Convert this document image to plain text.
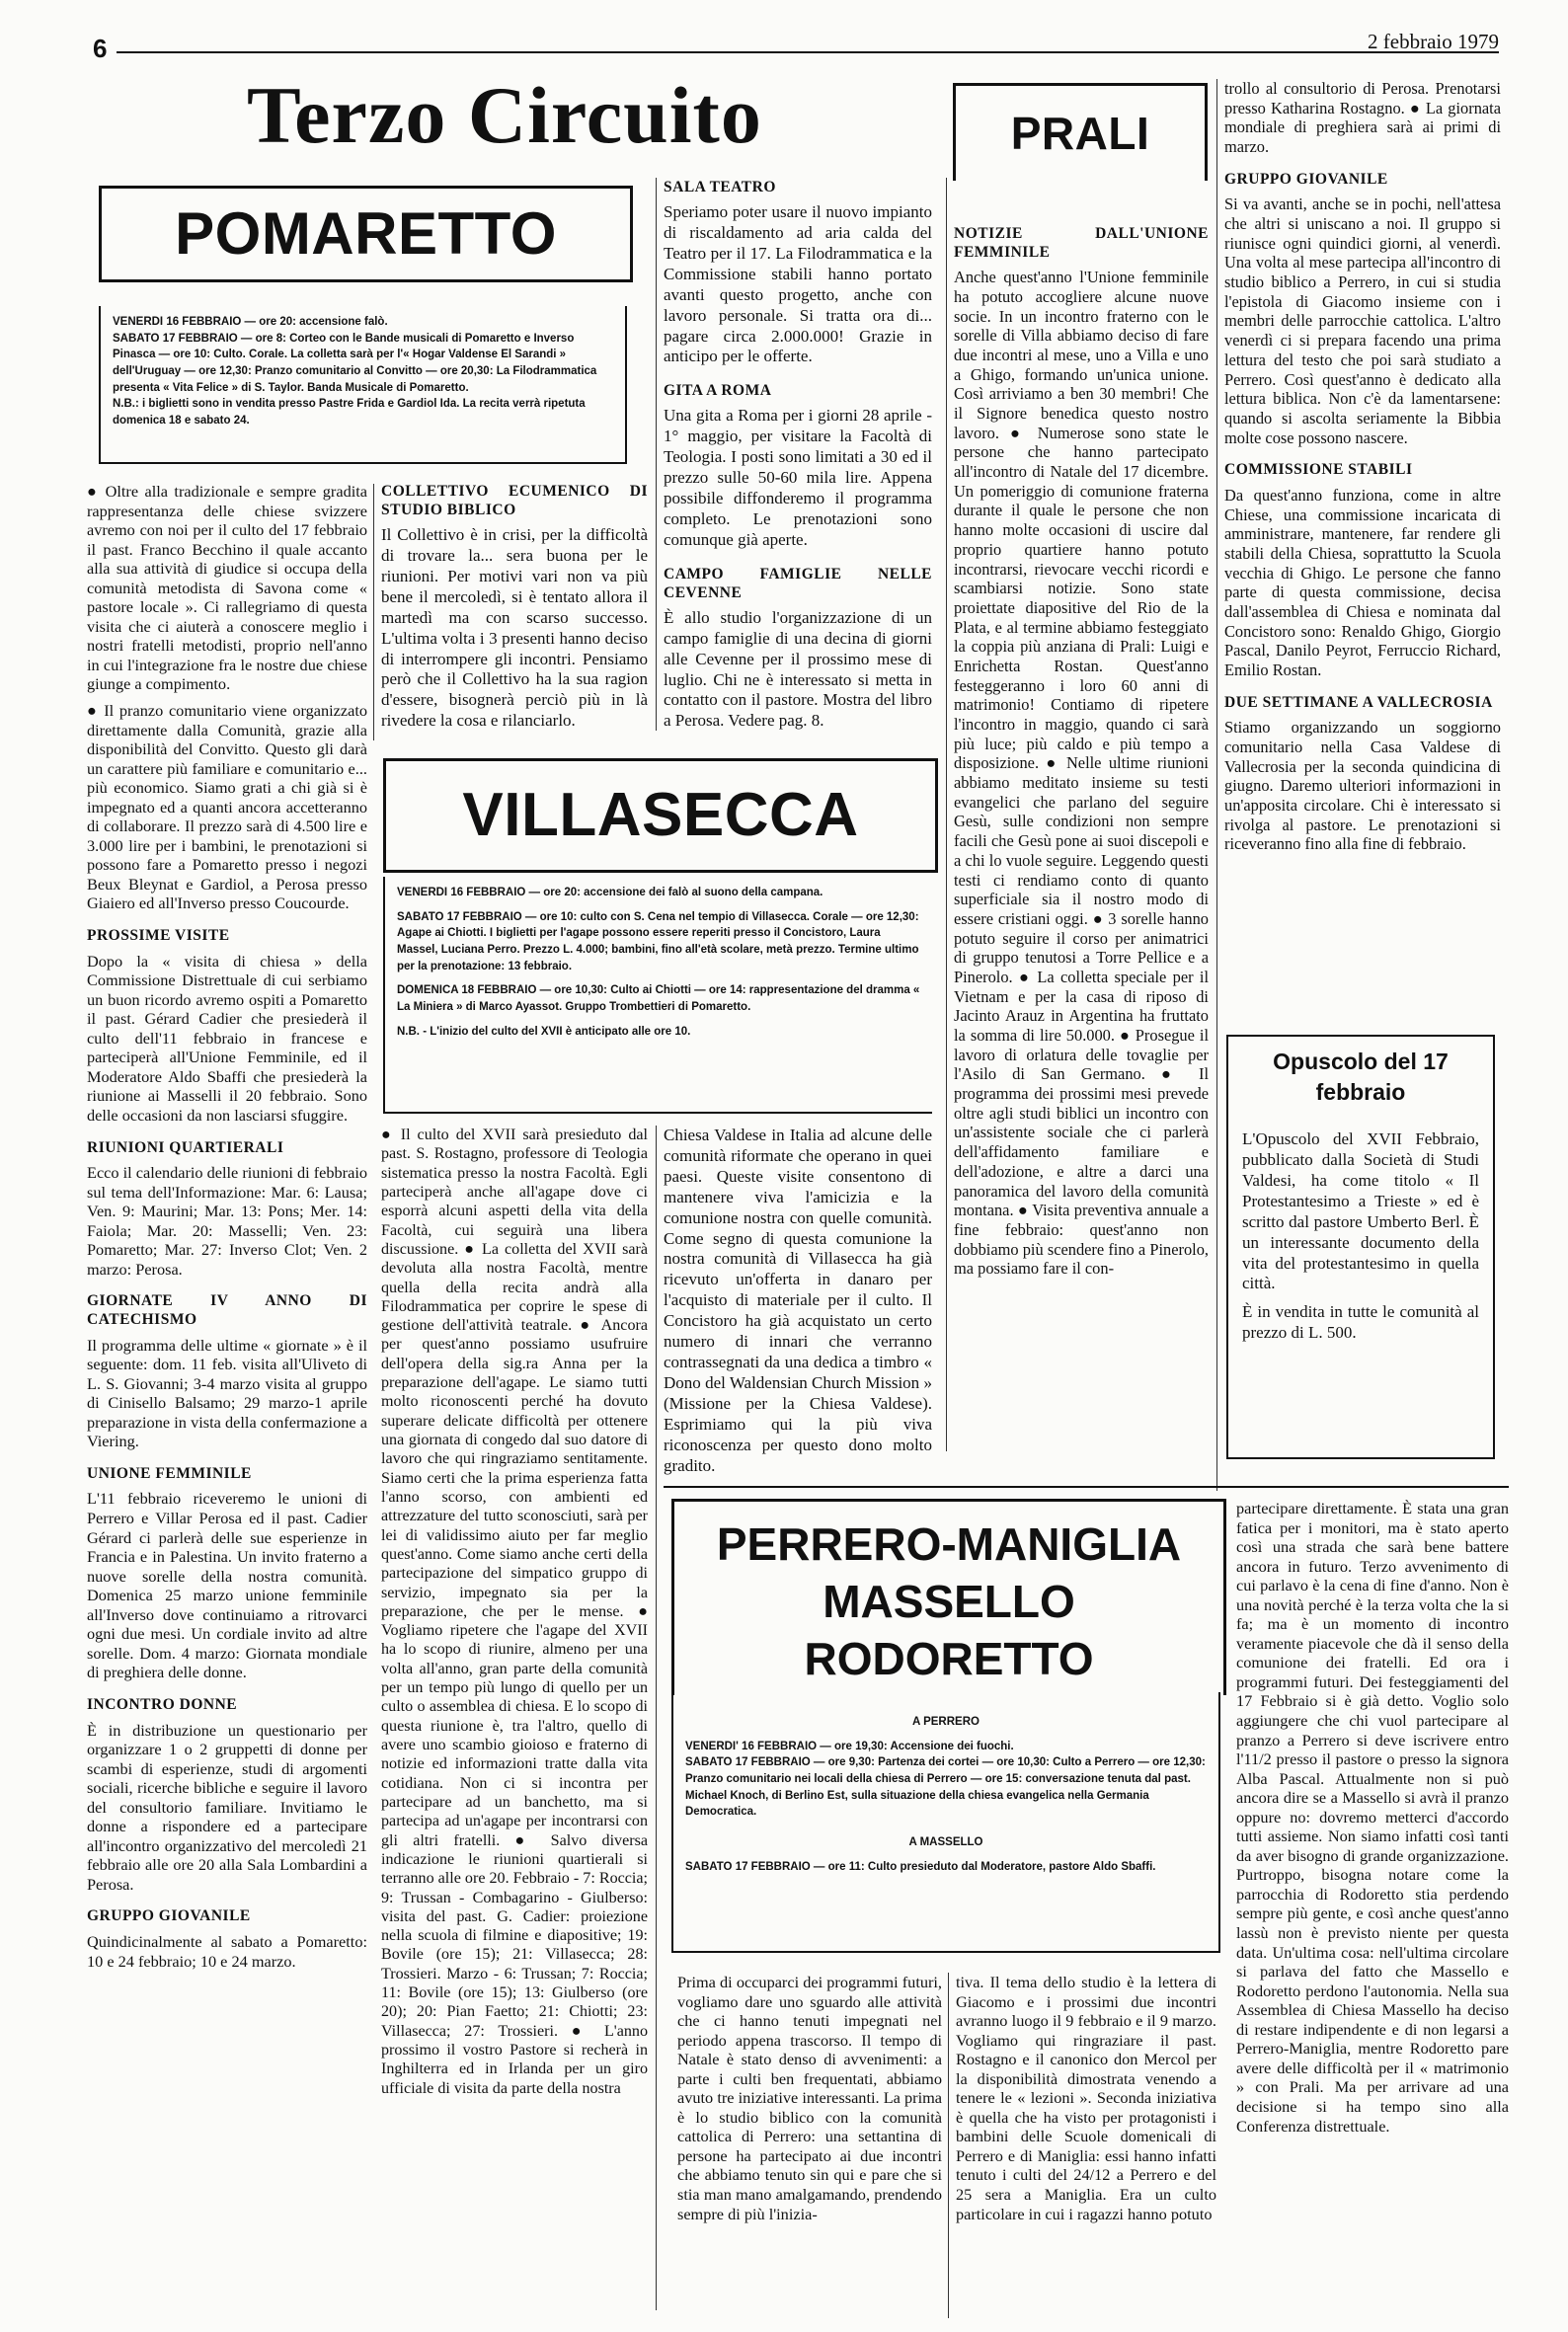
6	2 febbraio 1979
Terzo Circuito
POMARETTO
VENERDI 16 FEBBRAIO — ore 20: accensione falò.
SABATO 17 FEBBRAIO — ore 8: Corteo con le Bande musicali di Pomaretto e Inverso Pinasca — ore 10: Culto. Corale. La colletta sarà per l'« Hogar Valdense El Sarandi » dell'Uruguay — ore 12,30: Pranzo comunitario al Convitto — ore 20,30: La Filodrammatica presenta « Vita Felice » di S. Taylor. Banda Musicale di Pomaretto.
N.B.: i biglietti sono in vendita presso Pastre Frida e Gardiol Ida. La recita verrà ripetuta domenica 18 e sabato 24.

● Oltre alla tradizionale e sempre gradita rappresentanza delle chiese svizzere avremo con noi per il culto del 17 febbraio il past. Franco Becchino il quale accanto alla sua attività di giudice si occupa della comunità metodista di Savona come « pastore locale ». Ci rallegriamo di questa visita che ci aiuterà a conoscere meglio i nostri fratelli metodisti, proprio nell'anno in cui l'integrazione fra le nostre due chiese giunge a compimento.

● Il pranzo comunitario viene organizzato direttamente dalla Comunità, grazie alla disponibilità del Convitto. Questo gli darà un carattere più familiare e comunitario e... più economico. Siamo grati a chi già si è impegnato ed a quanti ancora accetteranno di collaborare. Il prezzo sarà di 4.500 lire e 3.000 lire per i bambini, le prenotazioni si possono fare a Pomaretto presso i negozi Beux Bleynat e Gardiol, a Perosa presso Giaiero ed all'Inverso presso Coucourde.

PROSSIME VISITE

Dopo la « visita di chiesa » della Commissione Distrettuale di cui serbiamo un buon ricordo avremo ospiti a Pomaretto il past. Gérard Cadier che presiederà il culto dell'11 febbraio in francese e parteciperà all'Unione Femminile, ed il Moderatore Aldo Sbaffi che presiederà la riunione ai Masselli il 20 febbraio. Sono delle occasioni da non lasciarsi sfuggire.

RIUNIONI QUARTIERALI

Ecco il calendario delle riunioni di febbraio sul tema dell'Informazione: Mar. 6: Lausa; Ven. 9: Maurini; Mar. 13: Pons; Mer. 14: Faiola; Mar. 20: Masselli; Ven. 23: Pomaretto; Mar. 27: Inverso Clot; Ven. 2 marzo: Perosa.

GIORNATE IV ANNO DI CATECHISMO

Il programma delle ultime « giornate » è il seguente: dom. 11 feb. visita all'Uliveto di L. S. Giovanni; 3-4 marzo visita al gruppo di Cinisello Balsamo; 29 marzo-1 aprile preparazione in vista della confermazione a Viering.

UNIONE FEMMINILE

L'11 febbraio riceveremo le unioni di Perrero e Villar Perosa ed il past. Cadier Gérard ci parlerà delle sue esperienze in Francia e in Palestina. Un invito fraterno a nuove sorelle della nostra comunità. Domenica 25 marzo unione femminile all'Inverso dove continuiamo a ritrovarci ogni due mesi. Un cordiale invito ad altre sorelle. Dom. 4 marzo: Giornata mondiale di preghiera delle donne.

INCONTRO DONNE

È in distribuzione un questionario per organizzare 1 o 2 gruppetti di donne per scambi di esperienze, studi di argomenti sociali, ricerche bibliche e seguire il lavoro del consultorio familiare. Invitiamo le donne a rispondere ed a partecipare all'incontro organizzativo del mercoledì 21 febbraio alle ore 20 alla Sala Lombardini a Perosa.

GRUPPO GIOVANILE

Quindicinalmente al sabato a Pomaretto: 10 e 24 febbraio; 10 e 24 marzo.

COLLETTIVO ECUMENICO DI STUDIO BIBLICO

Il Collettivo è in crisi, per la difficoltà di trovare la... sera buona per le riunioni. Per motivi vari non va più bene il mercoledì, si è tentato allora il martedì ma con scarso successo. L'ultima volta i 3 presenti hanno deciso di interrompere gli incontri. Pensiamo però che il Collettivo ha la sua ragion d'essere, bisognerà perciò più in là rivedere la cosa e rilanciarlo.

SALA TEATRO

Speriamo poter usare il nuovo impianto di riscaldamento ad aria calda del Teatro per il 17. La Filodrammatica e la Commissione stabili hanno portato avanti questo progetto, anche con lavoro personale. Si tratta ora di... pagare circa 2.000.000! Grazie in anticipo per le offerte.

GITA A ROMA

Una gita a Roma per i giorni 28 aprile - 1° maggio, per visitare la Facoltà di Teologia. I posti sono limitati a 30 ed il prezzo sulle 50-60 mila lire. Appena possibile diffonderemo il programma completo. Le prenotazioni sono comunque già aperte.

CAMPO FAMIGLIE NELLE CEVENNE

È allo studio l'organizzazione di un campo famiglie di una decina di giorni alle Cevenne per il prossimo mese di luglio. Chi ne è interessato si metta in contatto con il pastore. Mostra del libro a Perosa. Vedere pag. 8.

VILLASECCA
VENERDI 16 FEBBRAIO — ore 20: accensione dei falò al suono della campana.
SABATO 17 FEBBRAIO — ore 10: culto con S. Cena nel tempio di Villasecca. Corale — ore 12,30: Agape ai Chiotti. I biglietti per l'agape possono essere reperiti presso il Concistoro, Laura Massel, Luciana Perro. Prezzo L. 4.000; bambini, fino all'età scolare, metà prezzo. Termine ultimo per la prenotazione: 13 febbraio.
DOMENICA 18 FEBBRAIO — ore 10,30: Culto ai Chiotti — ore 14: rappresentazione del dramma « La Miniera » di Marco Ayassot. Gruppo Trombettieri di Pomaretto.
N.B. - L'inizio del culto del XVII è anticipato alle ore 10.

● Il culto del XVII sarà presieduto dal past. S. Rostagno, professore di Teologia sistematica presso la nostra Facoltà. Egli parteciperà anche all'agape dove ci esporrà alcuni aspetti della vita della Facoltà, cui seguirà una libera discussione. ● La colletta del XVII sarà devoluta alla nostra Facoltà, mentre quella della recita andrà alla Filodrammatica per coprire le spese di gestione dell'attività teatrale. ● Ancora per quest'anno possiamo usufruire dell'opera della sig.ra Anna per la preparazione dell'agape. Le siamo tutti molto riconoscenti perché ha dovuto superare delicate difficoltà per ottenere una giornata di congedo dal suo datore di lavoro che qui ringraziamo sentitamente. Siamo certi che la prima esperienza fatta l'anno scorso, con ambienti ed attrezzature del tutto sconosciuti, sarà per lei di validissimo aiuto per far meglio quest'anno. Come siamo anche certi della partecipazione del simpatico gruppo di servizio, impegnato sia per la preparazione, che per le mense. ● Vogliamo ripetere che l'agape del XVII ha lo scopo di riunire, almeno per una volta all'anno, gran parte della comunità per un tempo più lungo di quello per un culto o assemblea di chiesa. E lo scopo di questa riunione è, tra l'altro, quello di avere uno scambio gioioso e fraterno di notizie ed informazioni tratte dalla vita cotidiana. Non ci si incontra per partecipare ad un banchetto, ma si partecipa ad un'agape per incontrarsi con gli altri fratelli. ● Salvo diversa indicazione le riunioni quartierali si terranno alle ore 20. Febbraio - 7: Roccia; 9: Trussan - Combagarino - Giulberso: visita del past. G. Cadier: proiezione nella scuola di filmine e diapositive; 19: Bovile (ore 15); 21: Villasecca; 28: Trossieri. Marzo - 6: Trussan; 7: Roccia; 11: Bovile (ore 15); 13: Giulberso (ore 20); 20: Pian Faetto; 21: Chiotti; 23: Villasecca; 27: Trossieri. ● L'anno prossimo il vostro Pastore si recherà in Inghilterra ed in Irlanda per un giro ufficiale di visita da parte della nostra

Chiesa Valdese in Italia ad alcune delle comunità riformate che operano in quei paesi. Queste visite consentono di mantenere viva l'amicizia e la comunione nostra con quelle comunità. Come segno di questa comunione la nostra comunità di Villasecca ha già ricevuto un'offerta in danaro per l'acquisto di materiale per il culto. Il Concistoro ha già acquistato un certo numero di innari che verranno contrassegnati da una dedica a timbro « Dono del Waldensian Church Mission » (Missione per la Chiesa Valdese). Esprimiamo qui la più viva riconoscenza per questo dono molto gradito.

PRALI
NOTIZIE DALL'UNIONE FEMMINILE

Anche quest'anno l'Unione femminile ha potuto accogliere alcune nuove socie. In un incontro fraterno con le sorelle di Villa abbiamo deciso di fare due incontri al mese, uno a Villa e uno a Ghigo, formando un'unica unione. Così arriviamo a ben 30 membri! Che il Signore benedica questo nostro lavoro. ● Numerose sono state le persone che hanno partecipato all'incontro di Natale del 17 dicembre. Un pomeriggio di comunione fraterna durante il quale le persone che non hanno molte occasioni di uscire dal proprio quartiere hanno potuto incontrarsi, rievocare vecchi ricordi e scambiarsi notizie. Sono state proiettate diapositive del Rio de la Plata, e al termine abbiamo festeggiato la coppia più anziana di Prali: Luigi e Enrichetta Rostan. Quest'anno festeggeranno i loro 60 anni di matrimonio! Contiamo di ripetere l'incontro in maggio, quando ci sarà più luce; più caldo e più tempo a disposizione. ● Nelle ultime riunioni abbiamo meditato insieme su testi evangelici che parlano del seguire Gesù, sulle condizioni non sempre facili che Gesù pone ai suoi discepoli e a chi lo vuole seguire. Leggendo questi testi ci rendiamo conto di quanto superficiale sia il nostro modo di essere cristiani oggi. ● 3 sorelle hanno potuto seguire il corso per animatrici di gruppo tenutosi a Torre Pellice e a Pinerolo. ● La colletta speciale per il Vietnam e per la casa di riposo di Jacinto Arauz in Argentina ha fruttato la somma di lire 50.000. ● Prosegue il lavoro di orlatura delle tovaglie per l'Asilo di San Germano. ● Il programma dei prossimi mesi prevede oltre agli studi biblici un incontro con un'assistente sociale che ci parlerà dell'affidamento familiare e dell'adozione, e altre a darci una panoramica del lavoro della comunità montana. ● Visita preventiva annuale a fine febbraio: quest'anno non dobbiamo più scendere fino a Pinerolo, ma possiamo fare il con-

trollo al consultorio di Perosa. Prenotarsi presso Katharina Rostagno. ● La giornata mondiale di preghiera sarà ai primi di marzo.

GRUPPO GIOVANILE

Si va avanti, anche se in pochi, nell'attesa che altri si uniscano a noi. Il gruppo si riunisce ogni quindici giorni, al venerdì. Una volta al mese partecipa all'incontro di studio biblico a Perrero, in cui si studia l'epistola di Giacomo insieme con i membri delle parrocchie cattolica. L'altro venerdì ci si prepara facendo una prima lettura del testo che poi sarà studiato a Perrero. Così quest'anno è dedicato alla lettura biblica. Non c'è da lamentarsene: quando si ascolta seriamente la Bibbia molte cose possono nascere.

COMMISSIONE STABILI

Da quest'anno funziona, come in altre Chiese, una commissione incaricata di amministrare, mantenere, far rendere gli stabili della Chiesa, soprattutto la Scuola vecchia di Ghigo. Le persone che fanno parte di questa commissione, decisa dall'assemblea di Chiesa e nominata dal Concistoro sono: Renaldo Ghigo, Giorgio Pascal, Danilo Peyrot, Ferruccio Richard, Emilio Rostan.

DUE SETTIMANE A VALLECROSIA

Stiamo organizzando un soggiorno comunitario nella Casa Valdese di Vallecrosia per la seconda quindicina di giugno. Daremo ulteriori informazioni in un'apposita circolare. Chi è interessato si rivolga al pastore. Le prenotazioni si riceveranno fino alla fine di febbraio.

Opuscolo del 17 febbraio
L'Opuscolo del XVII Febbraio, pubblicato dalla Società di Studi Valdesi, ha come titolo « Il Protestantesimo a Trieste » ed è scritto dal pastore Umberto Berl. È un interessante documento della vita del protestantesimo in quella città.
È in vendita in tutte le comunità al prezzo di L. 500.
PERRERO-MANIGLIA
MASSELLO
RODORETTO
A PERRERO
VENERDI' 16 FEBBRAIO — ore 19,30: Accensione dei fuochi.
SABATO 17 FEBBRAIO — ore 9,30: Partenza dei cortei — ore 10,30: Culto a Perrero — ore 12,30: Pranzo comunitario nei locali della chiesa di Perrero — ore 15: conversazione tenuta dal past. Michael Knoch, di Berlino Est, sulla situazione della chiesa evangelica nella Germania Democratica.
A MASSELLO
SABATO 17 FEBBRAIO — ore 11: Culto presieduto dal Moderatore, pastore Aldo Sbaffi.

Prima di occuparci dei programmi futuri, vogliamo dare uno sguardo alle attività che ci hanno tenuti impegnati nel periodo appena trascorso. Il tempo di Natale è stato denso di avvenimenti: a parte i culti ben frequentati, abbiamo avuto tre iniziative interessanti. La prima è lo studio biblico con la comunità cattolica di Perrero: una settantina di persone ha partecipato ai due incontri che abbiamo tenuto sin qui e pare che si stia man mano amalgamando, prendendo sempre di più l'inizia-

tiva. Il tema dello studio è la lettera di Giacomo e i prossimi due incontri avranno luogo il 9 febbraio e il 9 marzo. Vogliamo qui ringraziare il past. Rostagno e il canonico don Mercol per la disponibilità dimostrata venendo a tenere le « lezioni ». Seconda iniziativa è quella che ha visto per protagonisti i bambini delle Scuole domenicali di Perrero e di Maniglia: essi hanno infatti tenuto i culti del 24/12 a Perrero e del 25 sera a Maniglia. Era un culto particolare in cui i ragazzi hanno potuto

partecipare direttamente. È stata una gran fatica per i monitori, ma è stato aperto così una strada che sarà bene battere ancora in futuro. Terzo avvenimento di cui parlavo è la cena di fine d'anno. Non è una novità perché è la terza volta che la si fa; ma è un momento di incontro veramente piacevole che dà il senso della comunione dei fratelli. Ed ora i programmi futuri. Dei festeggiamenti del 17 Febbraio si è già detto. Voglio solo aggiungere che chi vuol partecipare al pranzo a Perrero si deve iscrivere entro l'11/2 presso il pastore o presso la signora Alba Pascal. Attualmente non si può ancora dire se a Massello si avrà il pranzo oppure no: dovremo metterci d'accordo tutti assieme. Non siamo infatti così tanti da aver bisogno di grande organizzazione. Purtroppo, bisogna notare come la parrocchia di Rodoretto stia perdendo sempre più gente, e così anche quest'anno lassù non è previsto niente per questa data. Un'ultima cosa: nell'ultima circolare si parlava del fatto che Massello e Rodoretto perdono l'autonomia. Nella sua Assemblea di Chiesa Massello ha deciso di restare indipendente e di non legarsi a Perrero-Maniglia, mentre Rodoretto pare avere delle difficoltà per il « matrimonio » con Prali. Ma per arrivare ad una decisione si ha tempo sino alla Conferenza distrettuale.
